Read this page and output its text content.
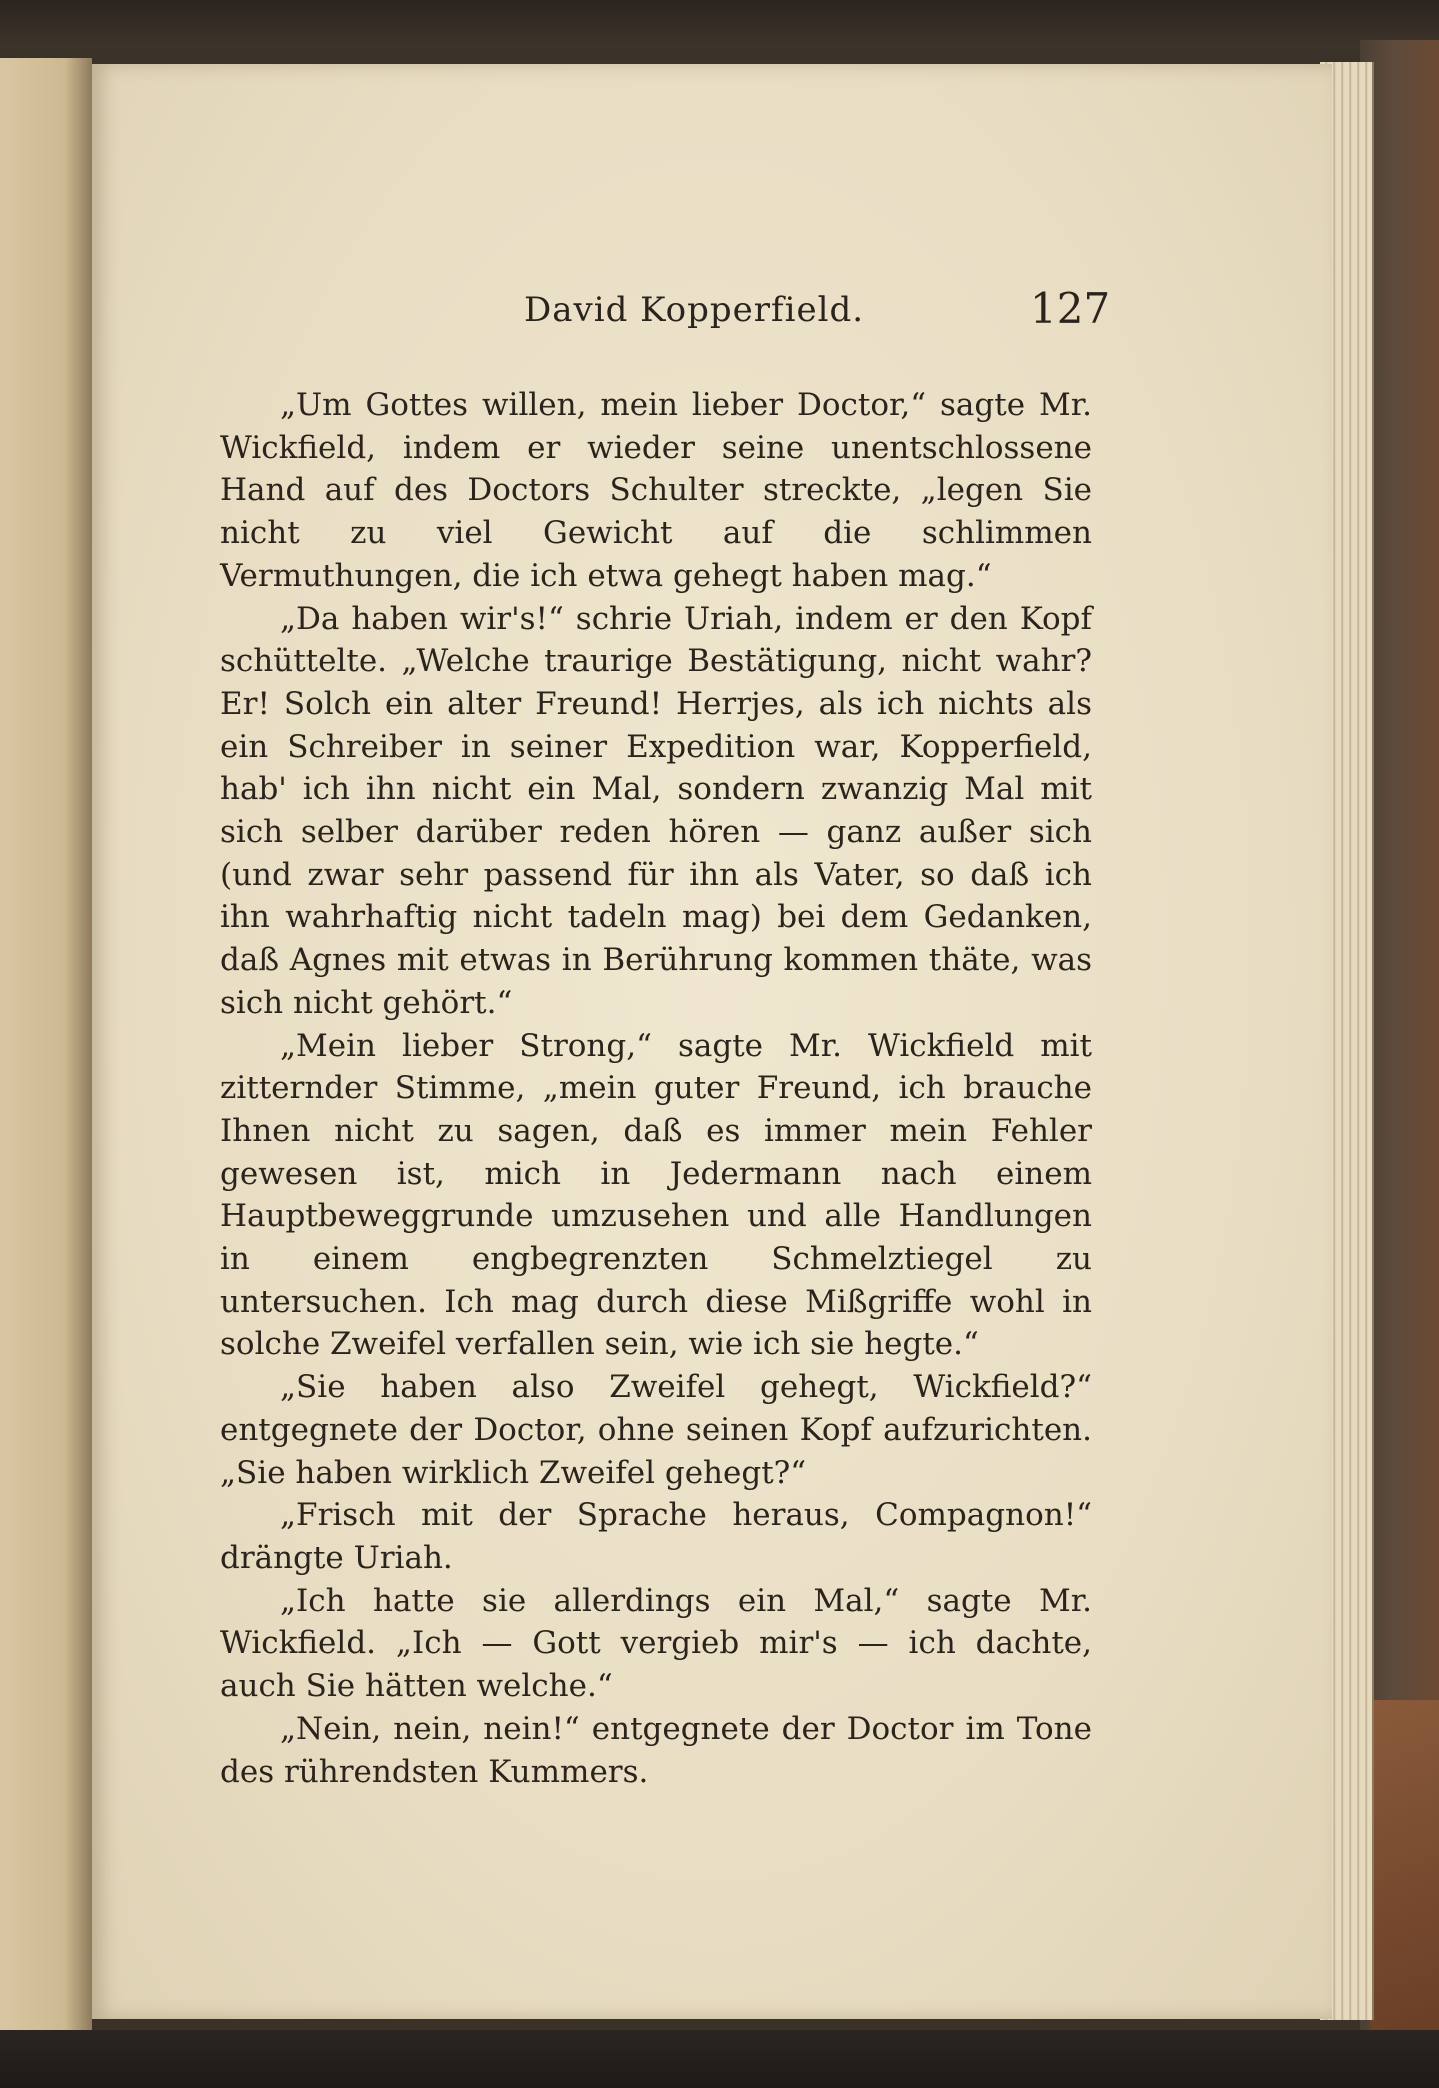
David Kopperfield.	127

„Um Gottes willen, mein lieber Doctor,“ sagte Mr. Wickfield, indem er wieder seine unentschlossene Hand auf des Doctors Schulter streckte, „legen Sie nicht zu viel Gewicht auf die schlimmen Vermuthungen, die ich etwa gehegt haben mag.“

„Da haben wir's!“ schrie Uriah, indem er den Kopf schüttelte. „Welche traurige Bestätigung, nicht wahr? Er! Solch ein alter Freund! Herrjes, als ich nichts als ein Schreiber in seiner Expedition war, Kopperfield, hab' ich ihn nicht ein Mal, sondern zwanzig Mal mit sich selber darüber reden hören — ganz außer sich (und zwar sehr passend für ihn als Vater, so daß ich ihn wahrhaftig nicht tadeln mag) bei dem Gedanken, daß Agnes mit etwas in Berührung kommen thäte, was sich nicht gehört.“

„Mein lieber Strong,“ sagte Mr. Wickfield mit zitternder Stimme, „mein guter Freund, ich brauche Ihnen nicht zu sagen, daß es immer mein Fehler gewesen ist, mich in Jedermann nach einem Hauptbeweggrunde umzusehen und alle Handlungen in einem engbegrenzten Schmelztiegel zu untersuchen. Ich mag durch diese Mißgriffe wohl in solche Zweifel verfallen sein, wie ich sie hegte.“

„Sie haben also Zweifel gehegt, Wickfield?“ entgegnete der Doctor, ohne seinen Kopf aufzurichten. „Sie haben wirklich Zweifel gehegt?“

„Frisch mit der Sprache heraus, Compagnon!“ drängte Uriah.

„Ich hatte sie allerdings ein Mal,“ sagte Mr. Wickfield. „Ich — Gott vergieb mir's — ich dachte, auch Sie hätten welche.“

„Nein, nein, nein!“ entgegnete der Doctor im Tone des rührendsten Kummers.
